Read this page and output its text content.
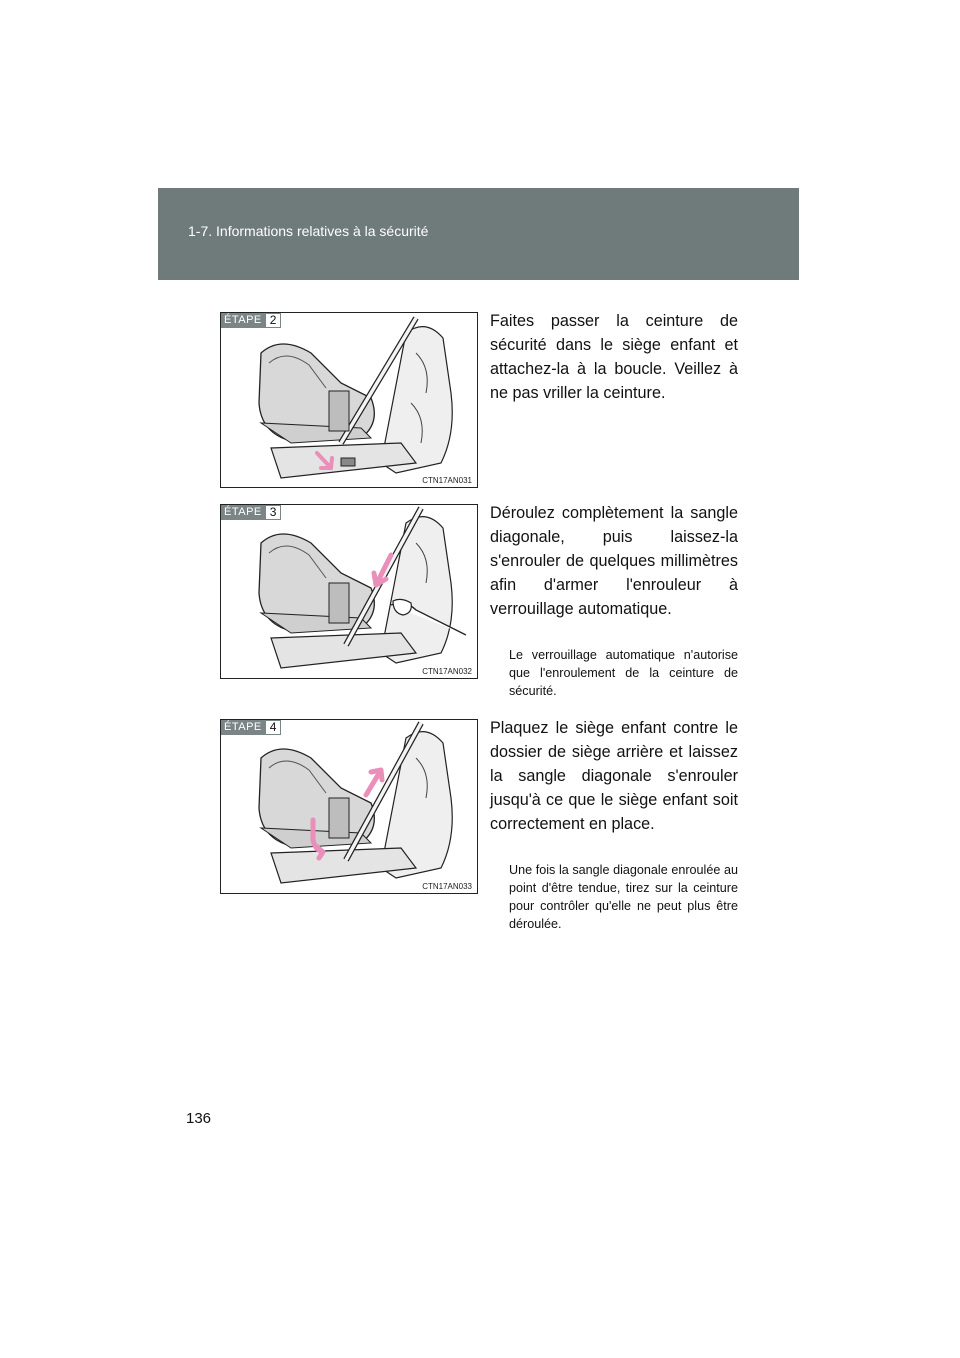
1-7. Informations relatives à la sécurité
ÉTAPE 2
CTN17AN031

Faites passer la ceinture de sécurité dans le siège enfant et attachez-la à la boucle. Veillez à ne pas vriller la ceinture.

ÉTAPE 3
CTN17AN032

Déroulez complètement la sangle diagonale, puis laissez-la s'enrouler de quelques millimètres afin d'armer l'enrouleur à verrouillage automatique.

Le verrouillage automatique n'autorise que l'enroulement de la ceinture de sécurité.

ÉTAPE 4
CTN17AN033

Plaquez le siège enfant contre le dossier de siège arrière et laissez la sangle diagonale s'enrouler jusqu'à ce que le siège enfant soit correctement en place.

Une fois la sangle diagonale enroulée au point d'être tendue, tirez sur la ceinture pour contrôler qu'elle ne peut plus être déroulée.

136
